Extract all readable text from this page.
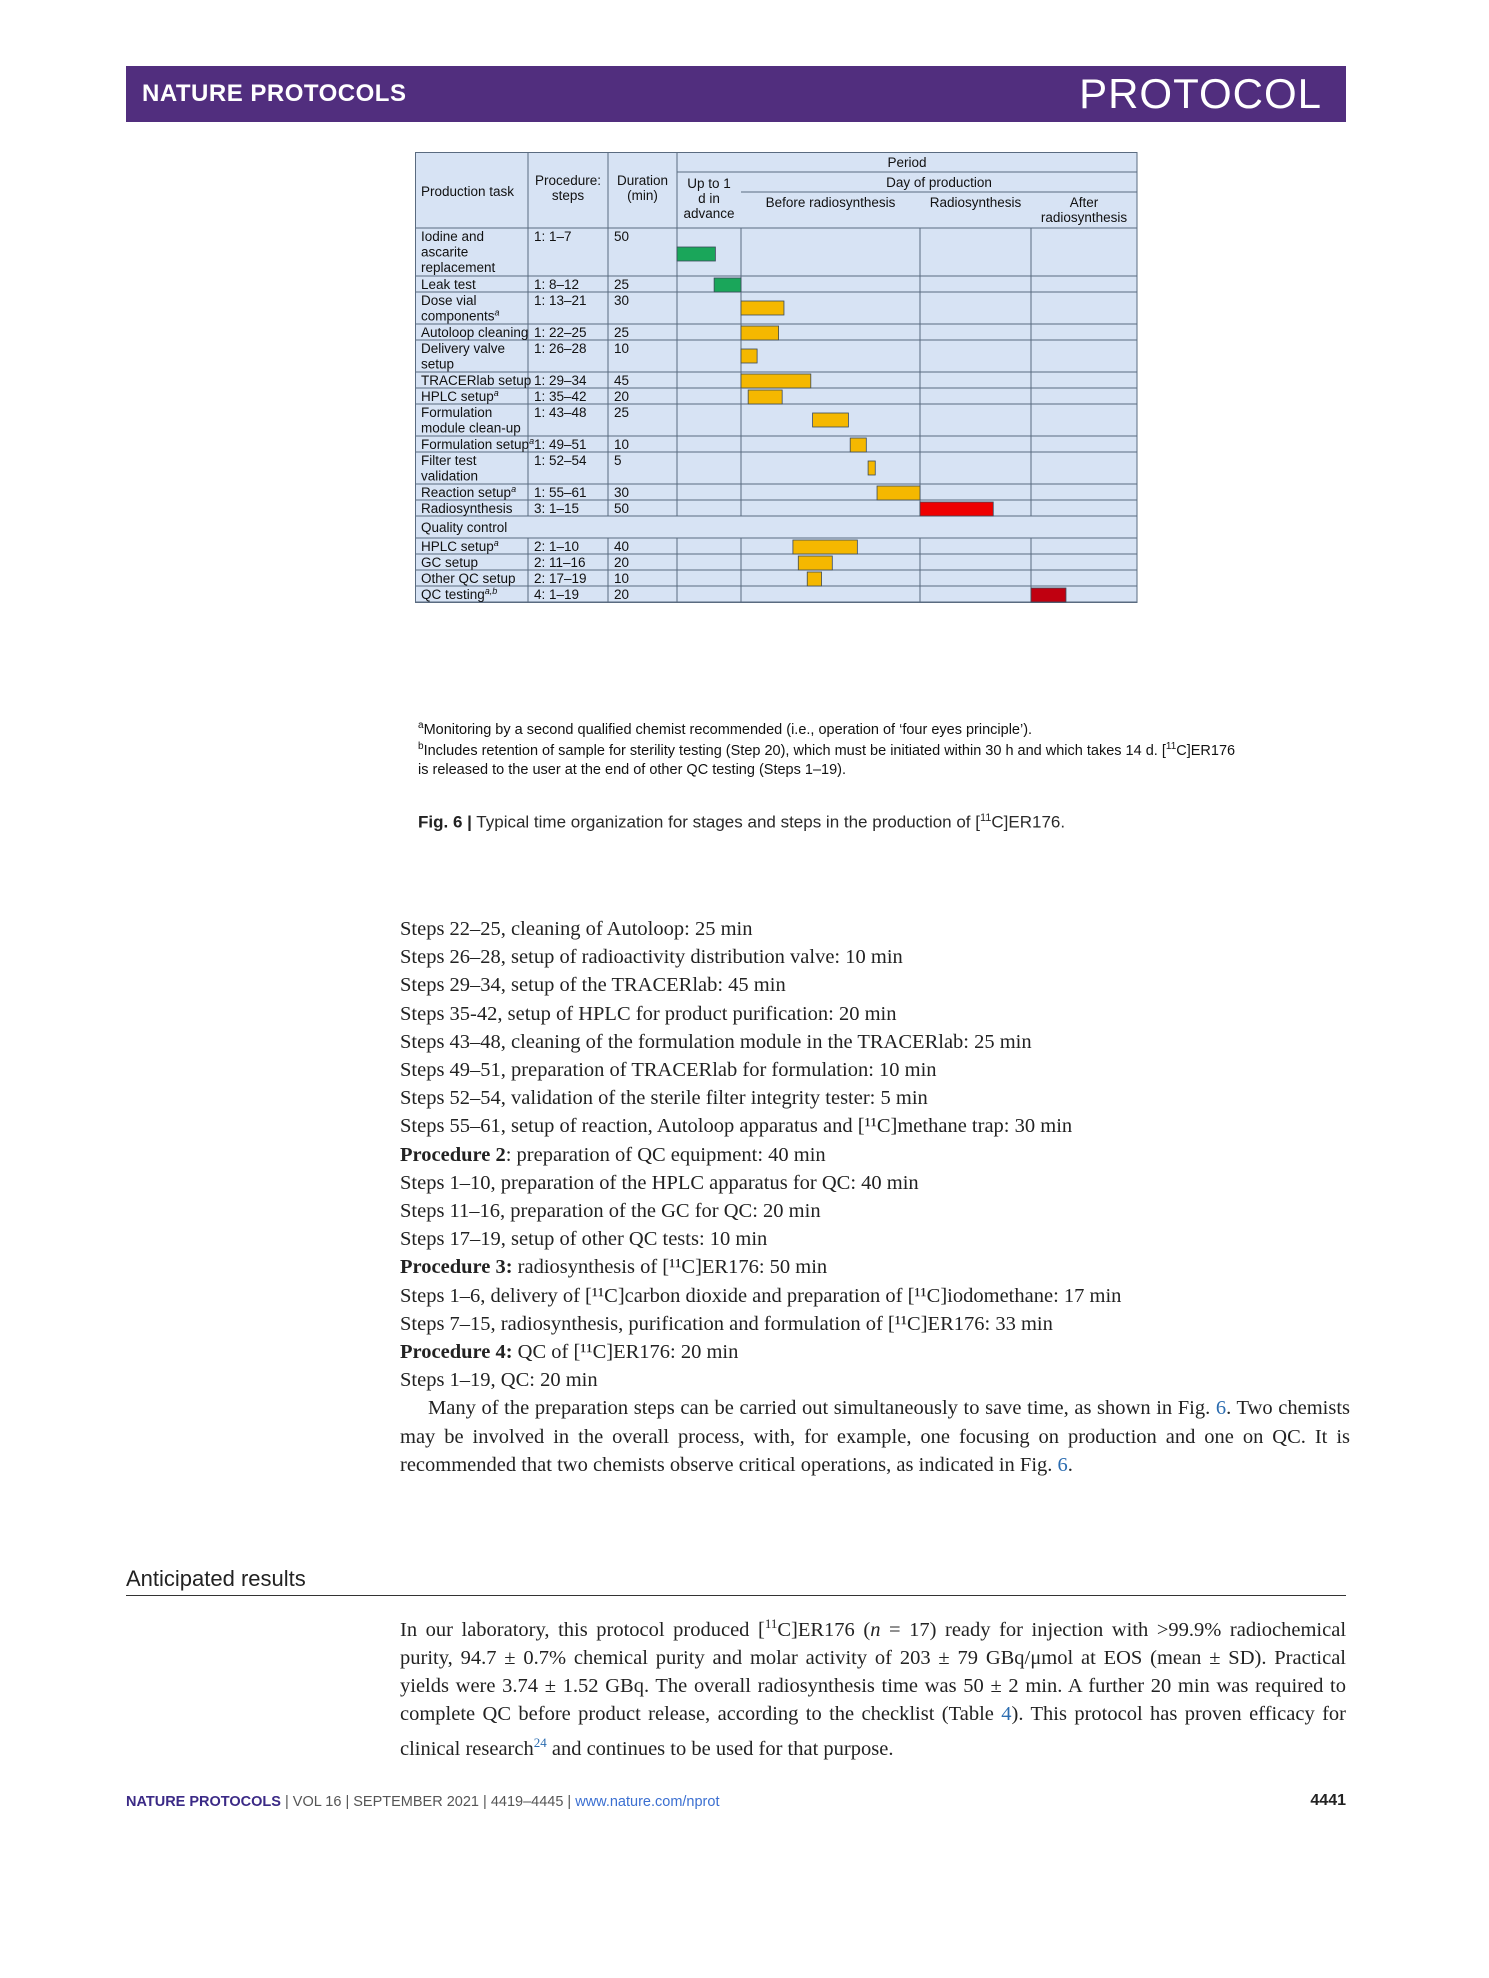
NATURE PROTOCOLS	PROTOCOL
Production task
Procedure:
steps
Duration
(min)
Period
Up to 1
d in
advance
Day of production
Before radiosynthesis	Radiosynthesis	After
radiosynthesis
Iodine and
ascarite
replacement
1: 1–7	50
Leak test	1: 8–12	25
Dose vial
components$^a$
1: 13–21 30
Autoloop cleaning 1: 22–25 25
Delivery valve
setup
1: 26–28 10
TRACERlab setup 1: 29–34 45
HPLC setup$^a$	1: 35–42 20
Formulation
module clean-up
1: 43–48 25
Formulation setup$^a$ 1: 49–51 10
Filter test
validation
1: 52–54 5
Reaction setup$^a$ 1: 55–61 30
Radiosynthesis 3: 1–15	50
Quality control
HPLC setup$^a$	2: 1–10	40
GC setup	2: 11–16 20
Other QC setup 2: 17–19 10
QC testing$^{a,b}$	4: 1–19	20
$^a$Monitoring by a second qualified chemist recommended (i.e., operation of ‘four eyes principle’).
$^b$Includes retention of sample for sterility testing (Step 20), which must be initiated within 30 h and which takes 14 d. [$^{11}$C]ER176
is released to the user at the end of other QC testing (Steps 1–19).
Fig. 6 | Typical time organization for stages and steps in the production of [$^{11}$C]ER176.

Steps 22–25, cleaning of Autoloop: 25 min

Steps 26–28, setup of radioactivity distribution valve: 10 min

Steps 29–34, setup of the TRACERlab: 45 min

Steps 35-42, setup of HPLC for product purification: 20 min

Steps 43–48, cleaning of the formulation module in the TRACERlab: 25 min

Steps 49–51, preparation of TRACERlab for formulation: 10 min

Steps 52–54, validation of the sterile filter integrity tester: 5 min

Steps 55–61, setup of reaction, Autoloop apparatus and [¹¹C]methane trap: 30 min

Procedure 2: preparation of QC equipment: 40 min

Steps 1–10, preparation of the HPLC apparatus for QC: 40 min

Steps 11–16, preparation of the GC for QC: 20 min

Steps 17–19, setup of other QC tests: 10 min

Procedure 3: radiosynthesis of [¹¹C]ER176: 50 min

Steps 1–6, delivery of [¹¹C]carbon dioxide and preparation of [¹¹C]iodomethane: 17 min

Steps 7–15, radiosynthesis, purification and formulation of [¹¹C]ER176: 33 min

Procedure 4: QC of [¹¹C]ER176: 20 min

Steps 1–19, QC: 20 min

Many of the preparation steps can be carried out simultaneously to save time, as shown in Fig. 6. Two chemists may be involved in the overall process, with, for example, one focusing on production and one on QC. It is recommended that two chemists observe critical operations, as indicated in Fig. 6.

Anticipated results
In our laboratory, this protocol produced [$^{11}$C]ER176 (n = 17) ready for injection with >99.9% radiochemical purity, 94.7 ± 0.7% chemical purity and molar activity of 203 ± 79 GBq/μmol at EOS (mean ± SD). Practical yields were 3.74 ± 1.52 GBq. The overall radiosynthesis time was 50 ± 2 min. A further 20 min was required to complete QC before product release, according to the checklist (Table 4). This protocol has proven efficacy for clinical research$^{24}$ and continues to be used for that purpose.
NATURE PROTOCOLS | VOL 16 | SEPTEMBER 2021 | 4419–4445 | www.nature.com/nprot	4441
